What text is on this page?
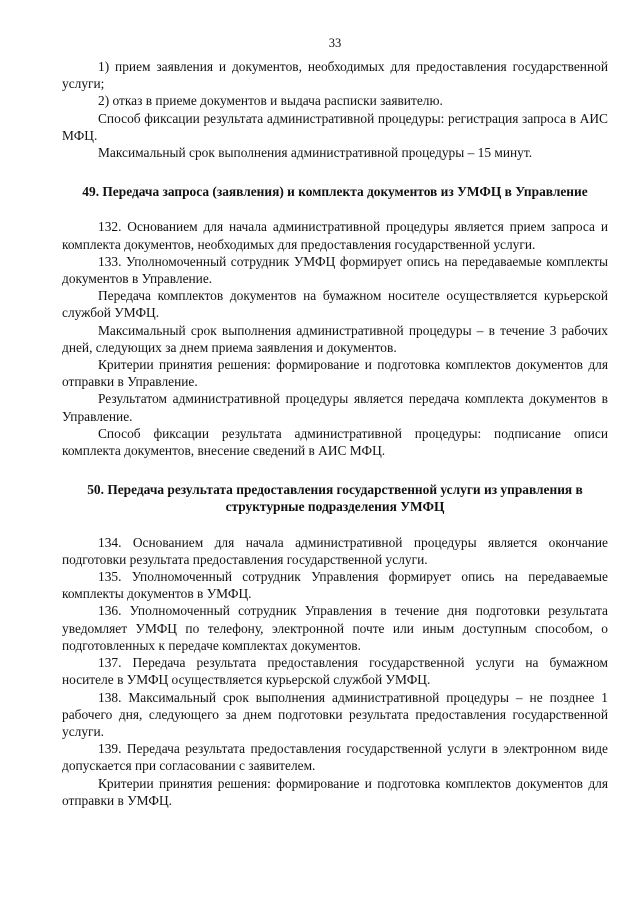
33

1) прием заявления и документов, необходимых для предоставления государственной услуги;

2) отказ в приеме документов и выдача расписки заявителю.

Способ фиксации результата административной процедуры: регистрация запроса в АИС МФЦ.

Максимальный срок выполнения административной процедуры – 15 минут.

49. Передача запроса (заявления) и комплекта документов из УМФЦ в Управление

132. Основанием для начала административной процедуры является прием запроса и комплекта документов, необходимых для предоставления государственной услуги.

133. Уполномоченный сотрудник УМФЦ формирует опись на передаваемые комплекты документов в Управление.

Передача комплектов документов на бумажном носителе осуществляется курьерской службой УМФЦ.

Максимальный срок выполнения административной процедуры – в течение 3 рабочих дней, следующих за днем приема заявления и документов.

Критерии принятия решения: формирование и подготовка комплектов документов для отправки в Управление.

Результатом административной процедуры является передача комплекта документов в Управление.

Способ фиксации результата административной процедуры: подписание описи комплекта документов, внесение сведений в АИС МФЦ.

50. Передача результата предоставления государственной услуги из управления в структурные подразделения УМФЦ

134. Основанием для начала административной процедуры является окончание подготовки результата предоставления государственной услуги.

135. Уполномоченный сотрудник Управления формирует опись на передаваемые комплекты документов в УМФЦ.

136. Уполномоченный сотрудник Управления в течение дня подготовки результата уведомляет УМФЦ по телефону, электронной почте или иным доступным способом, о подготовленных к передаче комплектах документов.

137. Передача результата предоставления государственной услуги на бумажном носителе в УМФЦ осуществляется курьерской службой УМФЦ.

138. Максимальный срок выполнения административной процедуры – не позднее 1 рабочего дня, следующего за днем подготовки результата предоставления государственной услуги.

139. Передача результата предоставления государственной услуги в электронном виде допускается при согласовании с заявителем.

Критерии принятия решения: формирование и подготовка комплектов документов для отправки в УМФЦ.
